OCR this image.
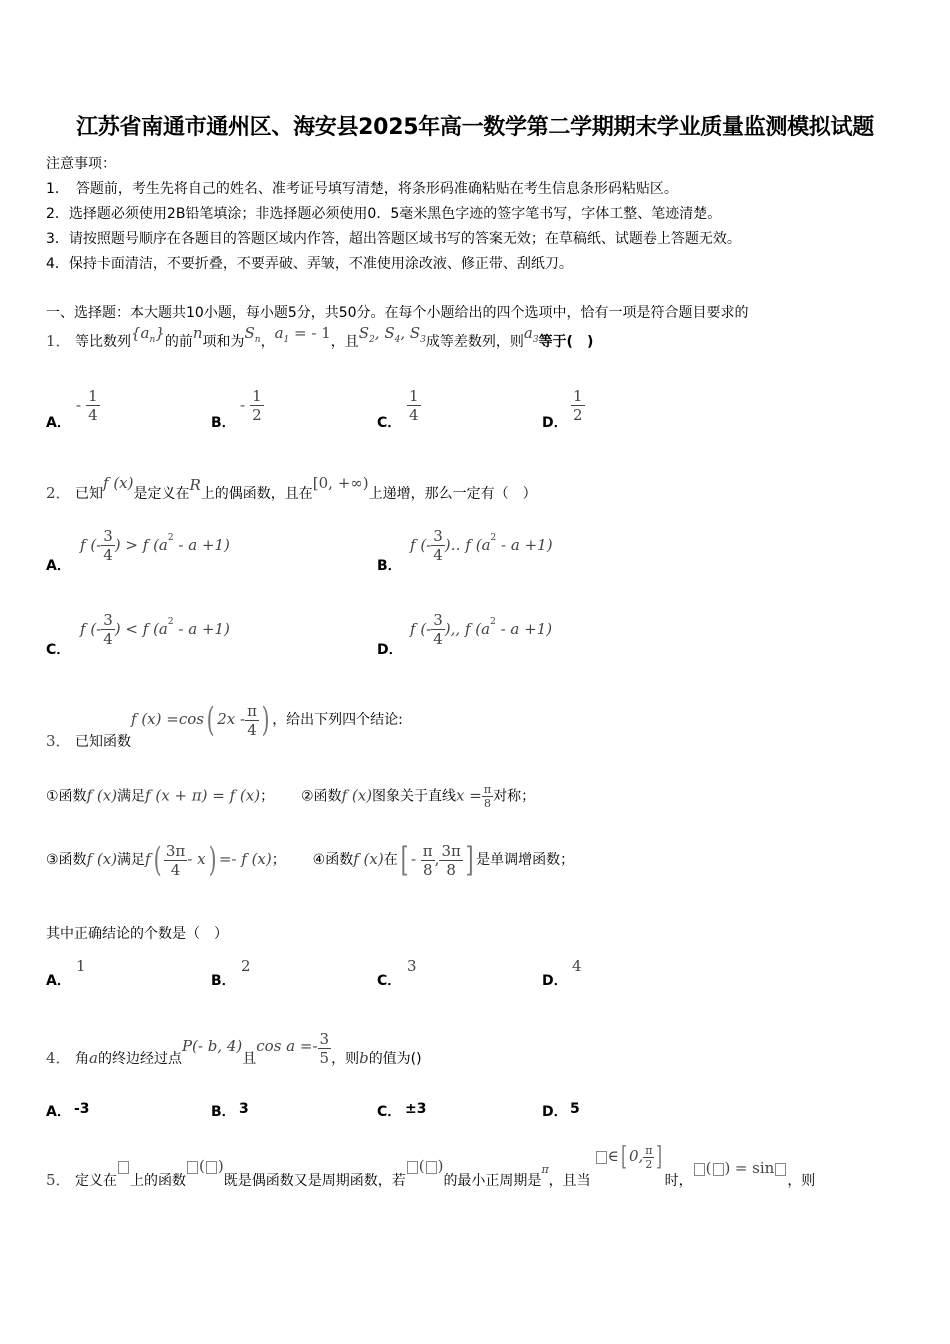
江苏省南通市通州区、海安县2025年高一数学第二学期期末学业质量监测模拟试题
注意事项：
1．　答题前，考生先将自己的姓名、准考证号填写清楚，将条形码准确粘贴在考生信息条形码粘贴区。
2．选择题必须使用2B铅笔填涂；非选择题必须使用0．5毫米黑色字迹的签字笔书写，字体工整、笔迹清楚。
3．请按照题号顺序在各题目的答题区域内作答，超出答题区域书写的答案无效；在草稿纸、试题卷上答题无效。
4．保持卡面清洁，不要折叠，不要弄破、弄皱，不准使用涂改液、修正带、刮纸刀。
一、选择题：本大题共10小题，每小题5分，共50分。在每个小题给出的四个选项中，恰有一项是符合题目要求的
1． 等比数列$\{a_n\}$的前n项和为$S_n$，$a_1$ = - 1，且$S_2$, $S_4$, $S_3$成等差数列，则$a_3$等于(　)
A．
- $\frac{1}{4}$	B．
- $\frac{1}{2}$	C． $\frac{1}{4}$	D． $\frac{1}{2}$
2． 已知f (x)是定义在R上的偶函数，且在[0, +∞)上递增，那么一定有（　）
A．
f (- $\frac{3}{4}$ ) > f $(a^2 - a +1)$
B．
f (- $\frac{3}{4}$ )‥ f $(a^2 - a +1)$
C．
f (- $\frac{3}{4}$ ) < f $(a^2 - a +1)$
D．
f (- $\frac{3}{4}$ ),, f $(a^2 - a +1)$
3． 已知函数f (x) =cos( $2x - \frac{\pi}{4}$ ) ，给出下列四个结论:
①函数f (x)满足f (x + π) = f (x)； ②函数f (x)图象关于直线$x = \frac{\pi}{8}$ 对称；
③函数f (x)满足$f( \frac{3\pi}{4} - x) =- f$ (x)； ④函数f (x)在[ - $\frac{\pi}{8}$ , $\frac{3\pi}{8}$ ] 是单调增函数；
其中正确结论的个数是（　）
A．
1
B．
2
C．
3
D．
4
4． 角a的终边经过点P(- b, 4)且$\cos a =- \frac{3}{5}$ ，则b的值为()
A． -3	B． 3	C． ±3	D． 5
5． 定义在 上的函数( )既是偶函数又是周期函数，若( )的最小正周期是$_\pi$，且当∈[ 0, $\frac{\pi}{2}$ ]时，( ) = sin，则
